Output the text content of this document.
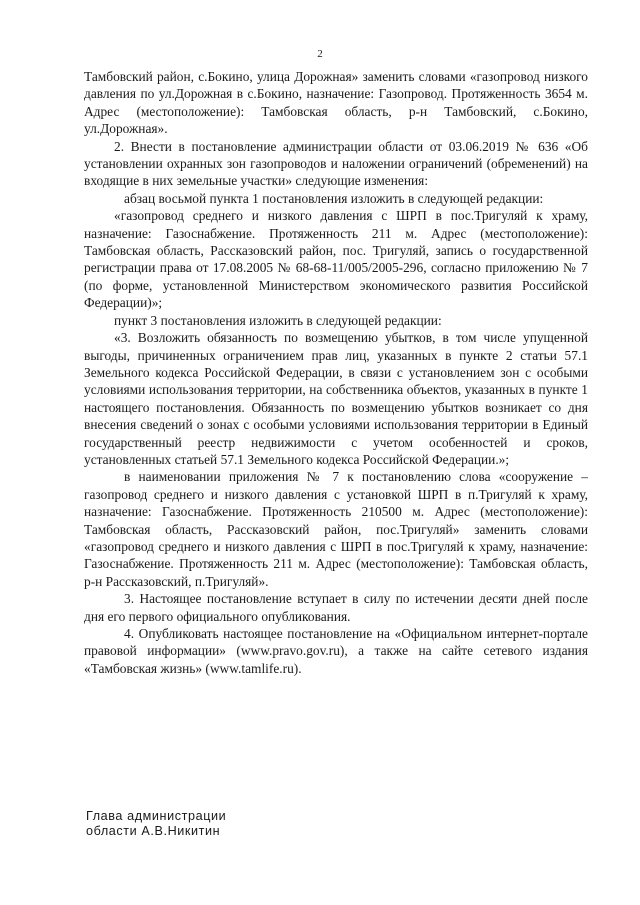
2

Тамбовский район, с.Бокино, улица Дорожная» заменить словами «газопровод низкого давления по ул.Дорожная в с.Бокино, назначение: Газопровод. Протяженность 3654 м. Адрес (местоположение): Тамбовская область, р-н Тамбовский, с.Бокино, ул.Дорожная».

2. Внести в постановление администрации области от 03.06.2019 № 636 «Об установлении охранных зон газопроводов и наложении ограничений (обременений) на входящие в них земельные участки» следующие изменения:

абзац восьмой пункта 1 постановления изложить в следующей редакции:

«газопровод среднего и низкого давления с ШРП в пос.Тригуляй к храму, назначение: Газоснабжение. Протяженность 211 м. Адрес (местоположение): Тамбовская область, Рассказовский район, пос. Тригуляй, запись о государственной регистрации права от 17.08.2005 № 68-68-11/005/2005-296, согласно приложению № 7 (по форме, установленной Министерством экономического развития Российской Федерации)»;

пункт 3 постановления изложить в следующей редакции:

«3. Возложить обязанность по возмещению убытков, в том числе упущенной выгоды, причиненных ограничением прав лиц, указанных в пункте 2 статьи 57.1 Земельного кодекса Российской Федерации, в связи с установлением зон с особыми условиями использования территории, на собственника объектов, указанных в пункте 1 настоящего постановления. Обязанность по возмещению убытков возникает со дня внесения сведений о зонах с особыми условиями использования территории в Единый государственный реестр недвижимости с учетом особенностей и сроков, установленных статьей 57.1 Земельного кодекса Российской Федерации.»;

в наименовании приложения № 7 к постановлению слова «сооружение – газопровод среднего и низкого давления с установкой ШРП в п.Тригуляй к храму, назначение: Газоснабжение. Протяженность 210500 м. Адрес (местоположение): Тамбовская область, Рассказовский район, пос.Тригуляй» заменить словами «газопровод среднего и низкого давления с ШРП в пос.Тригуляй к храму, назначение: Газоснабжение. Протяженность 211 м. Адрес (местоположение): Тамбовская область, р-н Рассказовский, п.Тригуляй».

3. Настоящее постановление вступает в силу по истечении десяти дней после дня его первого официального опубликования.

4. Опубликовать настоящее постановление на «Официальном интернет-портале правовой информации» (www.pravo.gov.ru), а также на сайте сетевого издания «Тамбовская жизнь» (www.tamlife.ru).

Глава администрации
области А.В.Никитин
